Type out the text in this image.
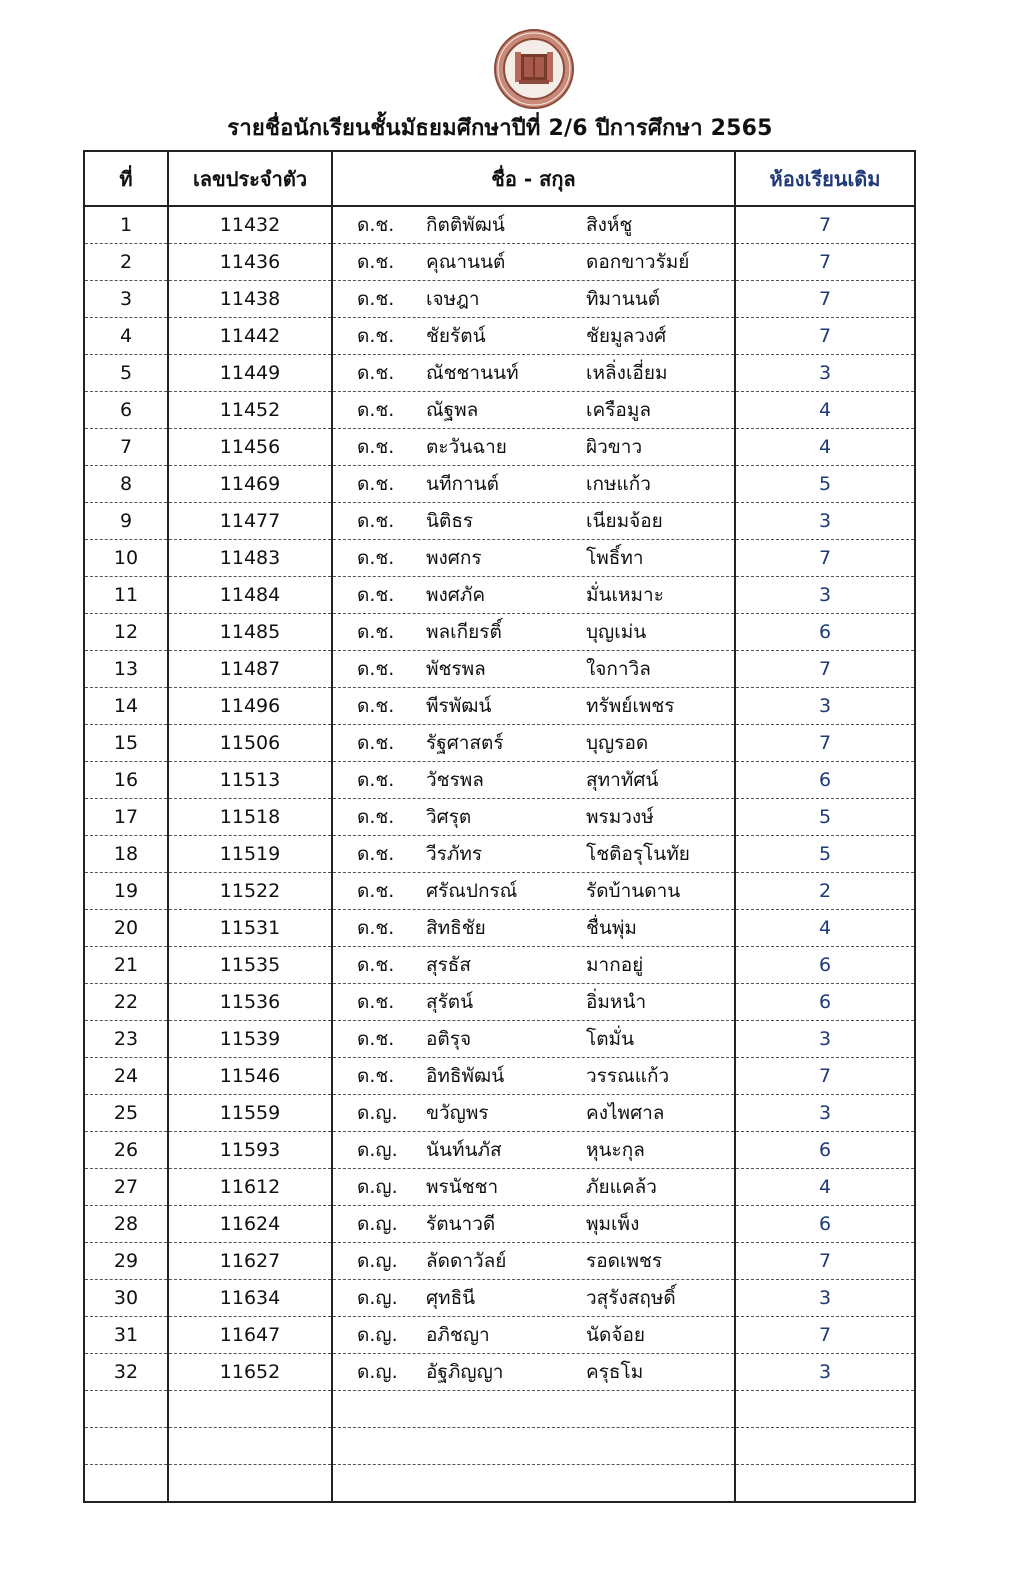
รายชื่อนักเรียนชั้นมัธยมศึกษาปีที่ 2/6 ปีการศึกษา 2565
ที่	เลขประจำตัว	ชื่อ - สกุล	ห้องเรียนเดิม
1	11432	ด.ช. กิตติพัฒน์ สิงห์ชู	7
2	11436	ด.ช. คุณานนต์ ดอกขาวรัมย์	7
3	11438	ด.ช. เจษฎา ทิมานนต์	7
4	11442	ด.ช. ชัยรัตน์ ชัยมูลวงศ์	7
5	11449	ด.ช. ณัชชานนท์ เหลิ่งเอี่ยม	3
6	11452	ด.ช. ณัฐพล เครือมูล	4
7	11456	ด.ช. ตะวันฉาย ผิวขาว	4
8	11469	ด.ช. นทีกานต์ เกษแก้ว	5
9	11477	ด.ช. นิติธร เนียมจ้อย	3
10	11483	ด.ช. พงศกร โพธิ์ทา	7
11	11484	ด.ช. พงศภัค มั่นเหมาะ	3
12	11485	ด.ช. พลเกียรติ์ บุญเม่น	6
13	11487	ด.ช. พัชรพล ใจกาวิล	7
14	11496	ด.ช. พีรพัฒน์ ทรัพย์เพชร	3
15	11506	ด.ช. รัฐศาสตร์ บุญรอด	7
16	11513	ด.ช. วัชรพล สุทาทัศน์	6
17	11518	ด.ช. วิศรุต พรมวงษ์	5
18	11519	ด.ช. วีรภัทร โชติอรุโนทัย	5
19	11522	ด.ช. ศรัณปกรณ์ รัดบ้านดาน	2
20	11531	ด.ช. สิทธิชัย ชื่นพุ่ม	4
21	11535	ด.ช. สุรธัส มากอยู่	6
22	11536	ด.ช. สุรัตน์ อิ่มหนำ	6
23	11539	ด.ช. อติรุจ โตมั่น	3
24	11546	ด.ช. อิทธิพัฒน์ วรรณแก้ว	7
25	11559	ด.ญ. ขวัญพร คงไพศาล	3
26	11593	ด.ญ. นันท์นภัส หุนะกุล	6
27	11612	ด.ญ. พรนัชชา ภัยแคล้ว	4
28	11624	ด.ญ. รัตนาวดี พุมเพ็ง	6
29	11627	ด.ญ. ลัดดาวัลย์ รอดเพชร	7
30	11634	ด.ญ. ศุทธินี วสุรังสฤษดิ์	3
31	11647	ด.ญ. อภิชญา นัดจ้อย	7
32	11652	ด.ญ. อัฐภิญญา ครุธโม	3
